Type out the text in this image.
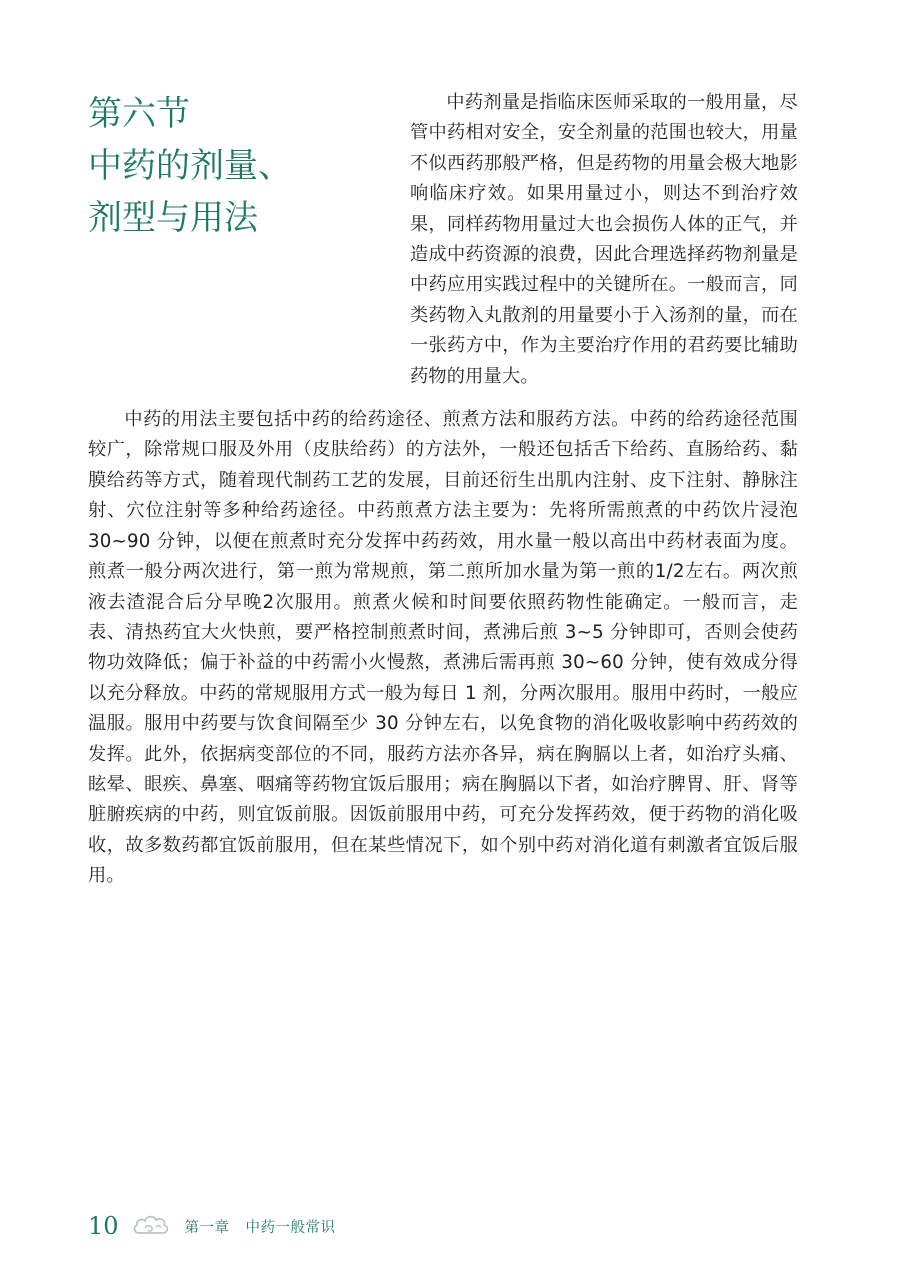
第六节
中药的剂量、
剂型与用法

中药剂量是指临床医师采取的一般用量，尽管中药相对安全，安全剂量的范围也较大，用量不似西药那般严格，但是药物的用量会极大地影响临床疗效。如果用量过小，则达不到治疗效果，同样药物用量过大也会损伤人体的正气，并造成中药资源的浪费，因此合理选择药物剂量是中药应用实践过程中的关键所在。一般而言，同类药物入丸散剂的用量要小于入汤剂的量，而在一张药方中，作为主要治疗作用的君药要比辅助药物的用量大。

中药的用法主要包括中药的给药途径、煎煮方法和服药方法。中药的给药途径范围较广，除常规口服及外用（皮肤给药）的方法外，一般还包括舌下给药、直肠给药、黏膜给药等方式，随着现代制药工艺的发展，目前还衍生出肌内注射、皮下注射、静脉注射、穴位注射等多种给药途径。中药煎煮方法主要为：先将所需煎煮的中药饮片浸泡 30~90 分钟，以便在煎煮时充分发挥中药药效，用水量一般以高出中药材表面为度。煎煮一般分两次进行，第一煎为常规煎，第二煎所加水量为第一煎的1/2左右。两次煎液去渣混合后分早晚2次服用。煎煮火候和时间要依照药物性能确定。一般而言，走表、清热药宜大火快煎，要严格控制煎煮时间，煮沸后煎 3~5 分钟即可，否则会使药物功效降低；偏于补益的中药需小火慢熬，煮沸后需再煎 30~60 分钟，使有效成分得以充分释放。中药的常规服用方式一般为每日 1 剂，分两次服用。服用中药时，一般应温服。服用中药要与饮食间隔至少 30 分钟左右，以免食物的消化吸收影响中药药效的发挥。此外，依据病变部位的不同，服药方法亦各异，病在胸膈以上者，如治疗头痛、眩晕、眼疾、鼻塞、咽痛等药物宜饭后服用；病在胸膈以下者，如治疗脾胃、肝、肾等脏腑疾病的中药，则宜饭前服。因饭前服用中药，可充分发挥药效，便于药物的消化吸收，故多数药都宜饭前服用，但在某些情况下，如个别中药对消化道有刺激者宜饭后服用。

10	第一章 中药一般常识
